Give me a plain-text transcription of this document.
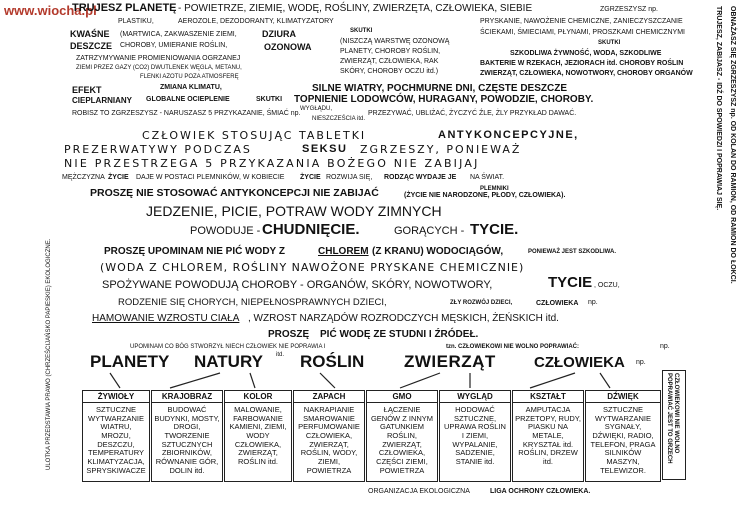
www.wiocha.pl
TRUJESZ PLANETĘ - POWIETRZE, ZIEMIĘ, WODĘ, ROŚLINY, ZWIERZĘTA, CZŁOWIEKA, SIEBIE	ZGRZESZYSZ np.
PLASTIKU,	AEROZOLE, DEZODORANTY, KLIMATYZATORY	PRYSKANIE, NAWOŻENIE CHEMICZNE, ZANIECZYSZCZANIE
KWAŚNE (MARTWICA, ZAKWASZENIE ZIEMI,	DZIURA	SKUTKI	ŚCIEKAMI, ŚMIECIAMI, PŁYNAMI, PROSZKAMI CHEMICZNYMI
DESZCZE CHOROBY, UMIERANIE ROŚLIN,	OZONOWA
(NISZCZĄ WARSTWĘ OZONOWĄ	SKUTKI
ZATRZYMYWANIE PROMIENIOWANIA OGRZANEJ
PLANETY, CHOROBY ROŚLIN,	SZKODLIWA ŻYWNOŚĆ, WODA, SZKODLIWE
ZIEMI PRZEZ GAZY (CO2) DWUTLENEK WĘGLA, METANU,
ZWIERZĄT, CZŁOWIEKA, RAK	BAKTERIE W RZEKACH, JEZIORACH itd. CHOROBY ROŚLIN
FLENKI AZOTU POZA ATMOSFERĘ
SKÓRY, CHOROBY OCZU itd.)	ZWIERZĄT, CZŁOWIEKA, NOWOTWORY, CHOROBY ORGANÓW
EFEKT	ZMIANA KLIMATU,	SILNE WIATRY, POCHMURNE DNI, CZĘSTE DESZCZE
CIEPLARNIANY GLOBALNE OCIEPLENIE	SKUTKI TOPNIENIE LODOWCÓW, HURAGANY, POWODZIE, CHOROBY.
ROBISZ TO ZGRZESZYSZ - NARUSZASZ 5 PRZYKAZANIE, ŚMIAĆ np.
WYGŁĄDU,
NIESZCZEŚCIA itd.
PRZEZYWAĆ, UBLIŻAĆ, ŻYCZYĆ ŹLE, ŻLY PRZYKŁAD DAWAĆ.
CZŁOWIEK STOSUJĄC TABLETKI	ANTYKONCEPCYJNE,
PREZERWATYWY PODCZAS	SEKSU ZGRZESZY, PONIEWAŻ
NIE PRZESTRZEGA 5 PRZYKAZANIA BOŻEGO NIE ZABIJAJ
MĘŻCZYZNA ŻYCIE DAJE W POSTACI PLEMNIKÓW, W KOBIECIE ŻYCIE ROZWIJA SIĘ, RODZĄC WYDAJE JE NA ŚWIAT.
PROSZĘ NIE STOSOWAĆ ANTYKONCEPCJI NIE ZABIJAĆ	PLEMNIKI
(ŻYCIE NIE NARODZONE, PŁODY, CZŁOWIEKA).
JEDZENIE, PICIE, POTRAW WODY ZIMNYCH
POWODUJE - CHUDNIĘCIE.	GORĄCYCH - TYCIE.
PROSZĘ UPOMINAM NIE PIĆ WODY Z	CHLOREM (Z KRANU) WODOCIĄGÓW,	PONIEWAŻ JEST SZKODLIWA.
(WODA Z CHLOREM, ROŚLINY NAWOŻONE PRYSKANE CHEMICZNIE)
SPOŻYWANE POWODUJĄ CHOROBY - ORGANÓW, SKÓRY, NOWOTWORY,	TYCIE , OCZU,
RODZENIE SIĘ CHORYCH, NIEPEŁNOSPRAWNYCH DZIECI,	ZŁY ROZWÓJ DZIECI,	CZŁOWIEKA np.
HAMOWANIE WZROSTU CIAŁA , WZROST NARZĄDÓW ROZRODCZYCH MĘSKICH, ŻEŃSKICH itd.
PROSZĘ PIĆ WODĘ ZE STUDNI I ŹRÓDEŁ.
UPOMINAM CO BÓG STWORZYŁ NIECH CZŁOWIEK NIE POPRAWIA I	tzn. CZŁOWIEKOWI NIE WOLNO POPRAWIAĆ:	np.
PLANETY NATURY itd. ROŚLIN ZWIERZĄT	CZŁOWIEKA np.
ŻYWIOŁY
SZTUCZNE WYTWARZANIE WIATRU, MROZU, DESZCZU, TEMPERATURY KLIMATYZACJA, SPRYSKIWACZE
KRAJOBRAZ
BUDOWAĆ BUDYNKI, MOSTY, DROGI, TWORZENIE SZTUCZNYCH ZBIORNIKÓW, RÓWNANIE GÓR, DOLIN itd.
KOLOR
MALOWANIE, FARBOWANIE KAMIENI, ZIEMI, WODY CZŁOWIEKA, ZWIERZĄT, ROŚLIN itd.
ZAPACH
NAKRAPIANIE SMAROWANIE PERFUMOWANIE CZŁOWIEKA, ZWIERZĄT, ROŚLIN, WODY, ZIEMI, POWIETRZA
GMO
ŁĄCZENIE GENÓW Z INNYM GATUNKIEM ROŚLIN, ZWIERZĄT, CZŁOWIEKA, CZĘŚCI ZIEMI, POWIETRZA
WYGLĄD
HODOWAĆ SZTUCZNE, UPRAWA ROŚLIN I ZIEMI, WYPALANIE, SADZENIE, STANIE itd.
KSZTAŁT
AMPUTACJA PRZETOPY, RUDY, PIASKU NA METALE, KRYSZTAŁ itd. ROŚLIN, DRZEW itd.
DŹWIĘK
SZTUCZNE WYTWARZANIE SYGNAŁY, DŹWIĘKI, RADIO, TELEFON, PRAGA SILNIKÓW MASZYN, TELEWIZOR.
CZŁOWIEKOWI NIE WOLNO POPRAWIAĆ JEST TO GRZECH
ORGANIZACJA EKOLOGICZNA	LIGA OCHRONY CZŁOWIEKA.
ULOTKA PRZEDSTAWIA PRAWO (CHRZEŚCIJAŃSKO PAPIESKIE) EKOLOGICZNE.
OBNAŻASZ SIĘ ZGRZESZYSZ np. OD KOLAN DO RAMION, OD RAMION DO ŁOKCI.
TRUJESZ, ZABIJASZ - IDŹ DO SPOWIEDZI I POPRAWIAJ SIĘ.
